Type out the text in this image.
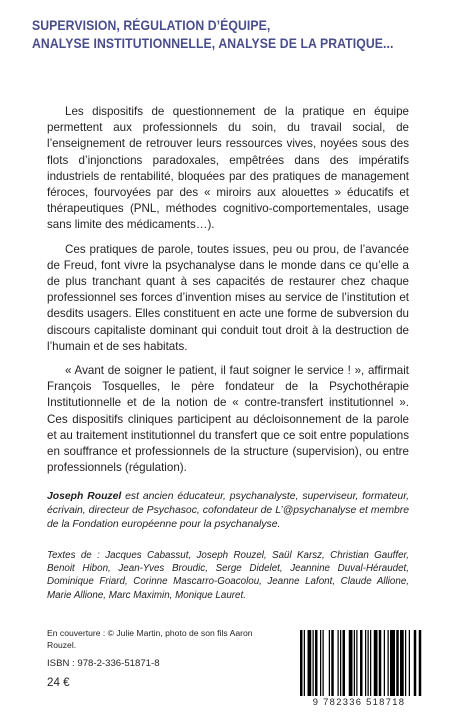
SUPERVISION, RÉGULATION D’ÉQUIPE,
ANALYSE INSTITUTIONNELLE, ANALYSE DE LA PRATIQUE...

Les dispositifs de questionnement de la pratique en équipe permettent aux professionnels du soin, du travail social, de l’enseignement de retrouver leurs ressources vives, noyées sous des flots d’injonctions paradoxales, empêtrées dans des impératifs industriels de rentabilité, bloquées par des pratiques de management féroces, fourvoyées par des « miroirs aux alouettes » éducatifs et thérapeutiques (PNL, méthodes cognitivo-comportementales, usage sans limite des médicaments…).

Ces pratiques de parole, toutes issues, peu ou prou, de l’avancée de Freud, font vivre la psychanalyse dans le monde dans ce qu’elle a de plus tranchant quant à ses capacités de restaurer chez chaque professionnel ses forces d’invention mises au service de l’institution et desdits usagers. Elles constituent en acte une forme de subversion du discours capitaliste dominant qui conduit tout droit à la destruction de l’humain et de ses habitats.

« Avant de soigner le patient, il faut soigner le service ! », affirmait François Tosquelles, le père fondateur de la Psychothérapie Institutionnelle et de la notion de « contre-transfert institutionnel ». Ces dispositifs cliniques participent au décloisonnement de la parole et au traitement institutionnel du transfert que ce soit entre populations en souffrance et professionnels de la structure (supervision), ou entre professionnels (régulation).

Joseph Rouzel est ancien éducateur, psychanalyste, superviseur, formateur, écrivain, directeur de Psychasoc, cofondateur de L’@psychanalyse et membre de la Fondation européenne pour la psychanalyse.
Textes de : Jacques Cabassut, Joseph Rouzel, Saül Karsz, Christian Gauffer, Benoit Hibon, Jean-Yves Broudic, Serge Didelet, Jeannine Duval-Héraudet, Dominique Friard, Corinne Mascarro-Goacolou, Jeanne Lafont, Claude Allione, Marie Allione, Marc Maximin, Monique Lauret.
En couverture : © Julie Martin, photo de son fils Aaron Rouzel.
ISBN : 978-2-336-51871-8
24 €
9 782336 518718
